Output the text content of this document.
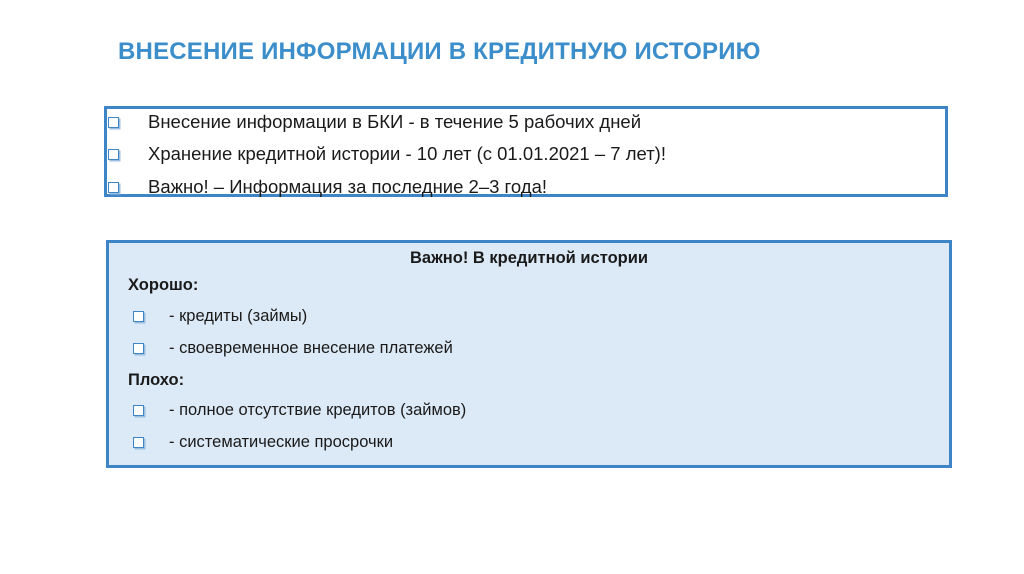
ВНЕСЕНИЕ ИНФОРМАЦИИ В КРЕДИТНУЮ ИСТОРИЮ
Внесение информации в БКИ - в течение 5 рабочих дней
Хранение кредитной истории - 10 лет (с 01.01.2021 – 7 лет)!
Важно! – Информация за последние 2–3 года!
Важно! В кредитной истории
Хорошо:
- кредиты (займы)
- своевременное внесение платежей
Плохо:
- полное отсутствие кредитов (займов)
- систематические просрочки
